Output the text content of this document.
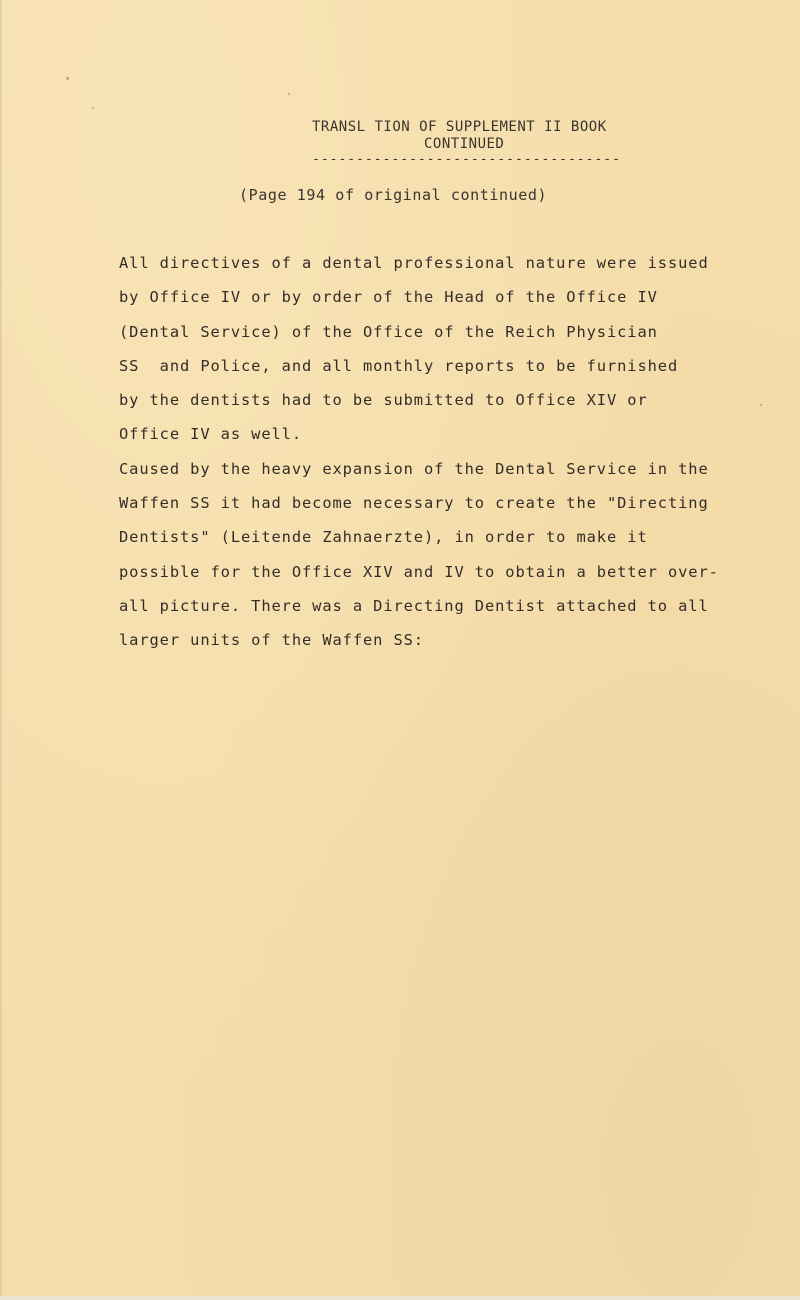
TRANSL TION OF SUPPLEMENT II BOOK
CONTINUED
-----------------------------------
(Page 194 of original continued)
All directives of a dental professional nature were issued
by Office IV or by order of the Head of the Office IV
(Dental Service) of the Office of the Reich Physician
SS  and Police, and all monthly reports to be furnished
by the dentists had to be submitted to Office XIV or
Office IV as well.
Caused by the heavy expansion of the Dental Service in the
Waffen SS it had become necessary to create the "Directing
Dentists" (Leitende Zahnaerzte), in order to make it
possible for the Office XIV and IV to obtain a better over-
all picture. There was a Directing Dentist attached to all
larger units of the Waffen SS:
